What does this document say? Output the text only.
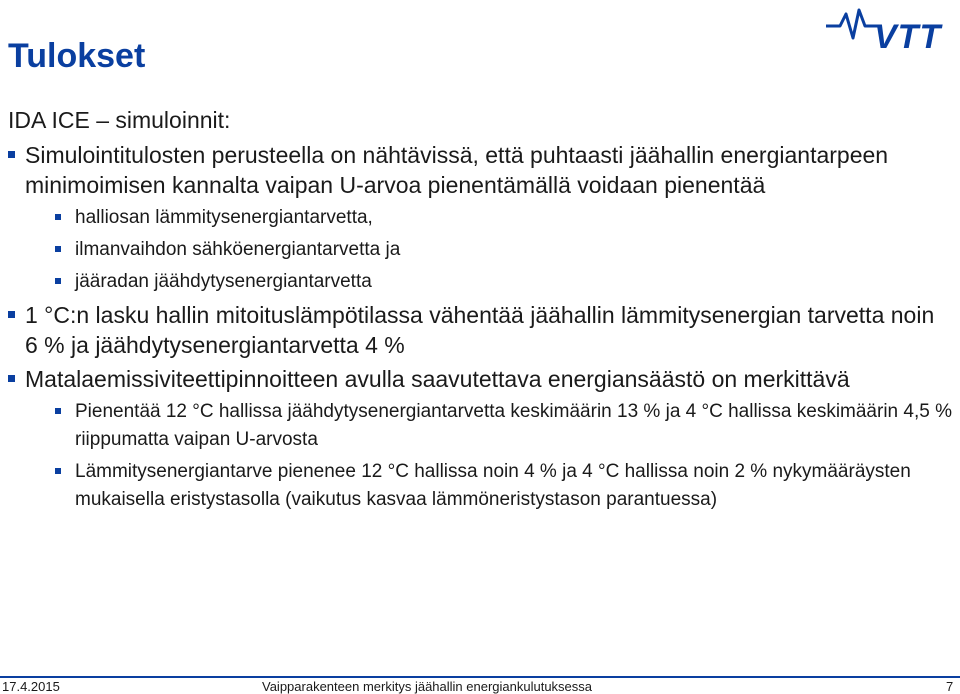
Tulokset	VTT
IDA ICE – simuloinnit:
Simulointitulosten perusteella on nähtävissä, että puhtaasti jäähallin energiantarpeen minimoimisen kannalta vaipan U-arvoa pienentämällä voidaan pienentää
halliosan lämmitysenergiantarvetta,
ilmanvaihdon sähköenergiantarvetta ja
jääradan jäähdytysenergiantarvetta
1 °C:n lasku hallin mitoituslämpötilassa vähentää jäähallin lämmitysenergian tarvetta noin 6 % ja jäähdytysenergiantarvetta 4 %
Matalaemissiviteettipinnoitteen avulla saavutettava energiansäästö on merkittävä
Pienentää 12 °C hallissa jäähdytysenergiantarvetta keskimäärin 13 % ja 4 °C hallissa keskimäärin 4,5 % riippumatta vaipan U-arvosta
Lämmitysenergiantarve pienenee 12 °C hallissa noin 4 % ja 4 °C hallissa noin 2 % nykymääräysten mukaisella eristystasolla (vaikutus kasvaa lämmöneristystason parantuessa)
17.4.2015	Vaipparakenteen merkitys jäähallin energiankulutuksessa	7
